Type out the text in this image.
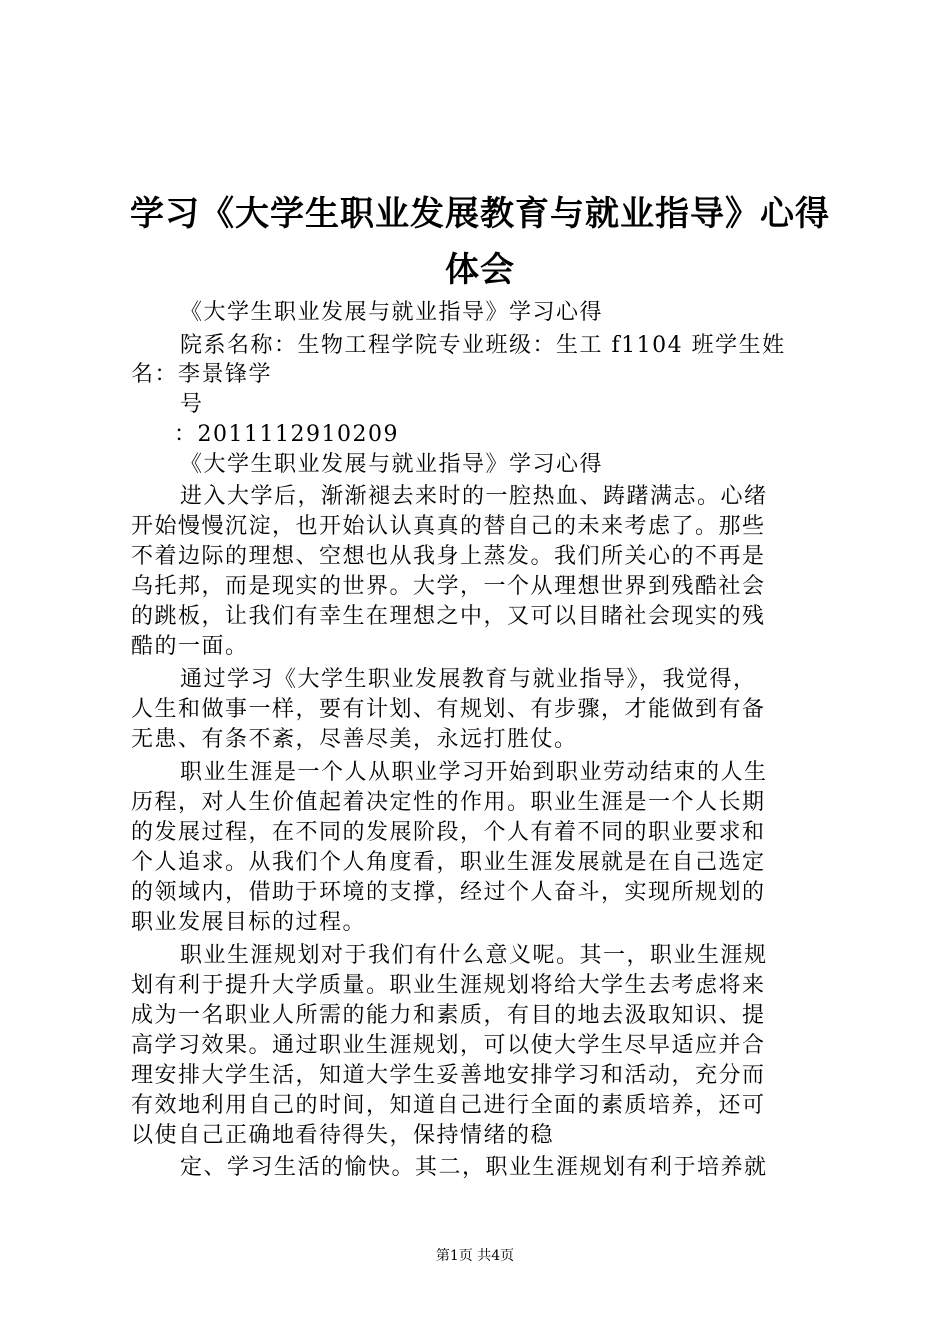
学习《大学生职业发展教育与就业指导》心得
体会
《大学生职业发展与就业指导》学习心得
院系名称：生物工程学院专业班级：生工 f1104 班学生姓
名：李景锋学
号
：2011112910209
《大学生职业发展与就业指导》学习心得
进入大学后，渐渐褪去来时的一腔热血、踌躇满志。心绪
开始慢慢沉淀，也开始认认真真的替自己的未来考虑了。那些
不着边际的理想、空想也从我身上蒸发。我们所关心的不再是
乌托邦，而是现实的世界。大学，一个从理想世界到残酷社会
的跳板，让我们有幸生在理想之中，又可以目睹社会现实的残
酷的一面。
通过学习《大学生职业发展教育与就业指导》，我觉得，
人生和做事一样，要有计划、有规划、有步骤，才能做到有备
无患、有条不紊，尽善尽美，永远打胜仗。
职业生涯是一个人从职业学习开始到职业劳动结束的人生
历程，对人生价值起着决定性的作用。职业生涯是一个人长期
的发展过程，在不同的发展阶段，个人有着不同的职业要求和
个人追求。从我们个人角度看，职业生涯发展就是在自己选定
的领域内，借助于环境的支撑，经过个人奋斗，实现所规划的
职业发展目标的过程。
职业生涯规划对于我们有什么意义呢。其一，职业生涯规
划有利于提升大学质量。职业生涯规划将给大学生去考虑将来
成为一名职业人所需的能力和素质，有目的地去汲取知识、提
高学习效果。通过职业生涯规划，可以使大学生尽早适应并合
理安排大学生活，知道大学生妥善地安排学习和活动，充分而
有效地利用自己的时间，知道自己进行全面的素质培养，还可
以使自己正确地看待得失，保持情绪的稳
定、学习生活的愉快。其二，职业生涯规划有利于培养就
第1页 共4页
